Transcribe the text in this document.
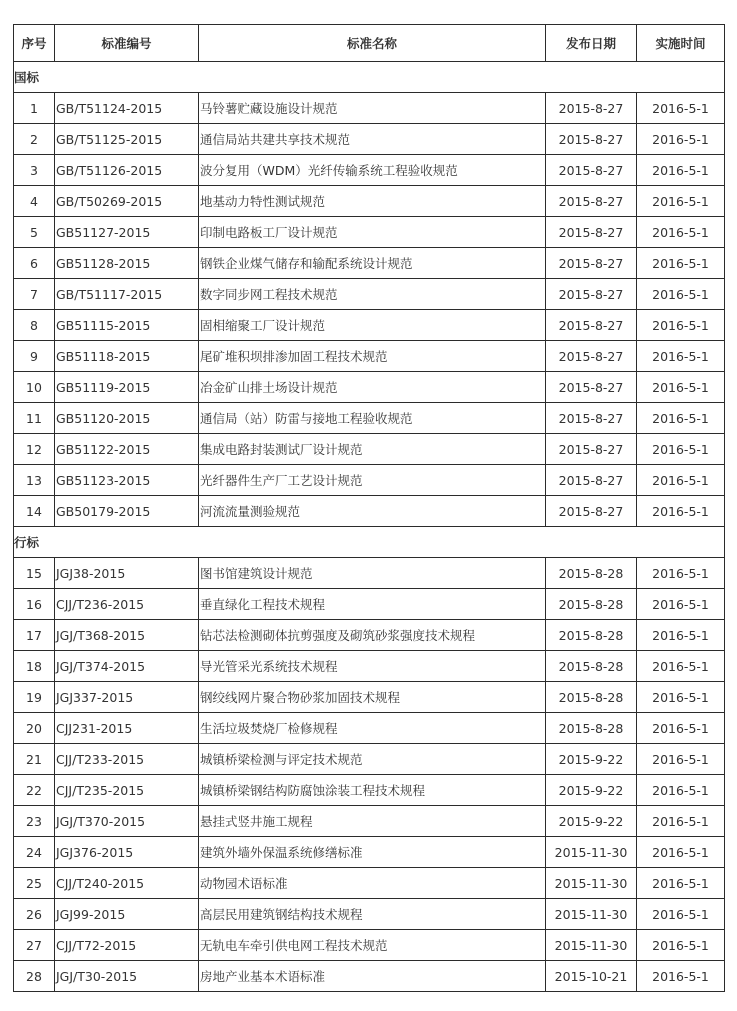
序号	标准编号	标准名称	发布日期	实施时间
国标				
1	GB/T51124-2015	马铃薯贮藏设施设计规范	2015-8-27	2016-5-1
2	GB/T51125-2015	通信局站共建共享技术规范	2015-8-27	2016-5-1
3	GB/T51126-2015	波分复用（WDM）光纤传输系统工程验收规范	2015-8-27	2016-5-1
4	GB/T50269-2015	地基动力特性测试规范	2015-8-27	2016-5-1
5	GB51127-2015	印制电路板工厂设计规范	2015-8-27	2016-5-1
6	GB51128-2015	钢铁企业煤气储存和输配系统设计规范	2015-8-27	2016-5-1
7	GB/T51117-2015	数字同步网工程技术规范	2015-8-27	2016-5-1
8	GB51115-2015	固相缩聚工厂设计规范	2015-8-27	2016-5-1
9	GB51118-2015	尾矿堆积坝排渗加固工程技术规范	2015-8-27	2016-5-1
10	GB51119-2015	冶金矿山排土场设计规范	2015-8-27	2016-5-1
11	GB51120-2015	通信局（站）防雷与接地工程验收规范	2015-8-27	2016-5-1
12	GB51122-2015	集成电路封装测试厂设计规范	2015-8-27	2016-5-1
13	GB51123-2015	光纤器件生产厂工艺设计规范	2015-8-27	2016-5-1
14	GB50179-2015	河流流量测验规范	2015-8-27	2016-5-1
行标				
15	JGJ38-2015	图书馆建筑设计规范	2015-8-28	2016-5-1
16	CJJ/T236-2015	垂直绿化工程技术规程	2015-8-28	2016-5-1
17	JGJ/T368-2015	钻芯法检测砌体抗剪强度及砌筑砂浆强度技术规程	2015-8-28	2016-5-1
18	JGJ/T374-2015	导光管采光系统技术规程	2015-8-28	2016-5-1
19	JGJ337-2015	钢绞线网片聚合物砂浆加固技术规程	2015-8-28	2016-5-1
20	CJJ231-2015	生活垃圾焚烧厂检修规程	2015-8-28	2016-5-1
21	CJJ/T233-2015	城镇桥梁检测与评定技术规范	2015-9-22	2016-5-1
22	CJJ/T235-2015	城镇桥梁钢结构防腐蚀涂装工程技术规程	2015-9-22	2016-5-1
23	JGJ/T370-2015	悬挂式竖井施工规程	2015-9-22	2016-5-1
24	JGJ376-2015	建筑外墙外保温系统修缮标准	2015-11-30	2016-5-1
25	CJJ/T240-2015	动物园术语标准	2015-11-30	2016-5-1
26	JGJ99-2015	高层民用建筑钢结构技术规程	2015-11-30	2016-5-1
27	CJJ/T72-2015	无轨电车牵引供电网工程技术规范	2015-11-30	2016-5-1
28	JGJ/T30-2015	房地产业基本术语标准	2015-10-21	2016-5-1
